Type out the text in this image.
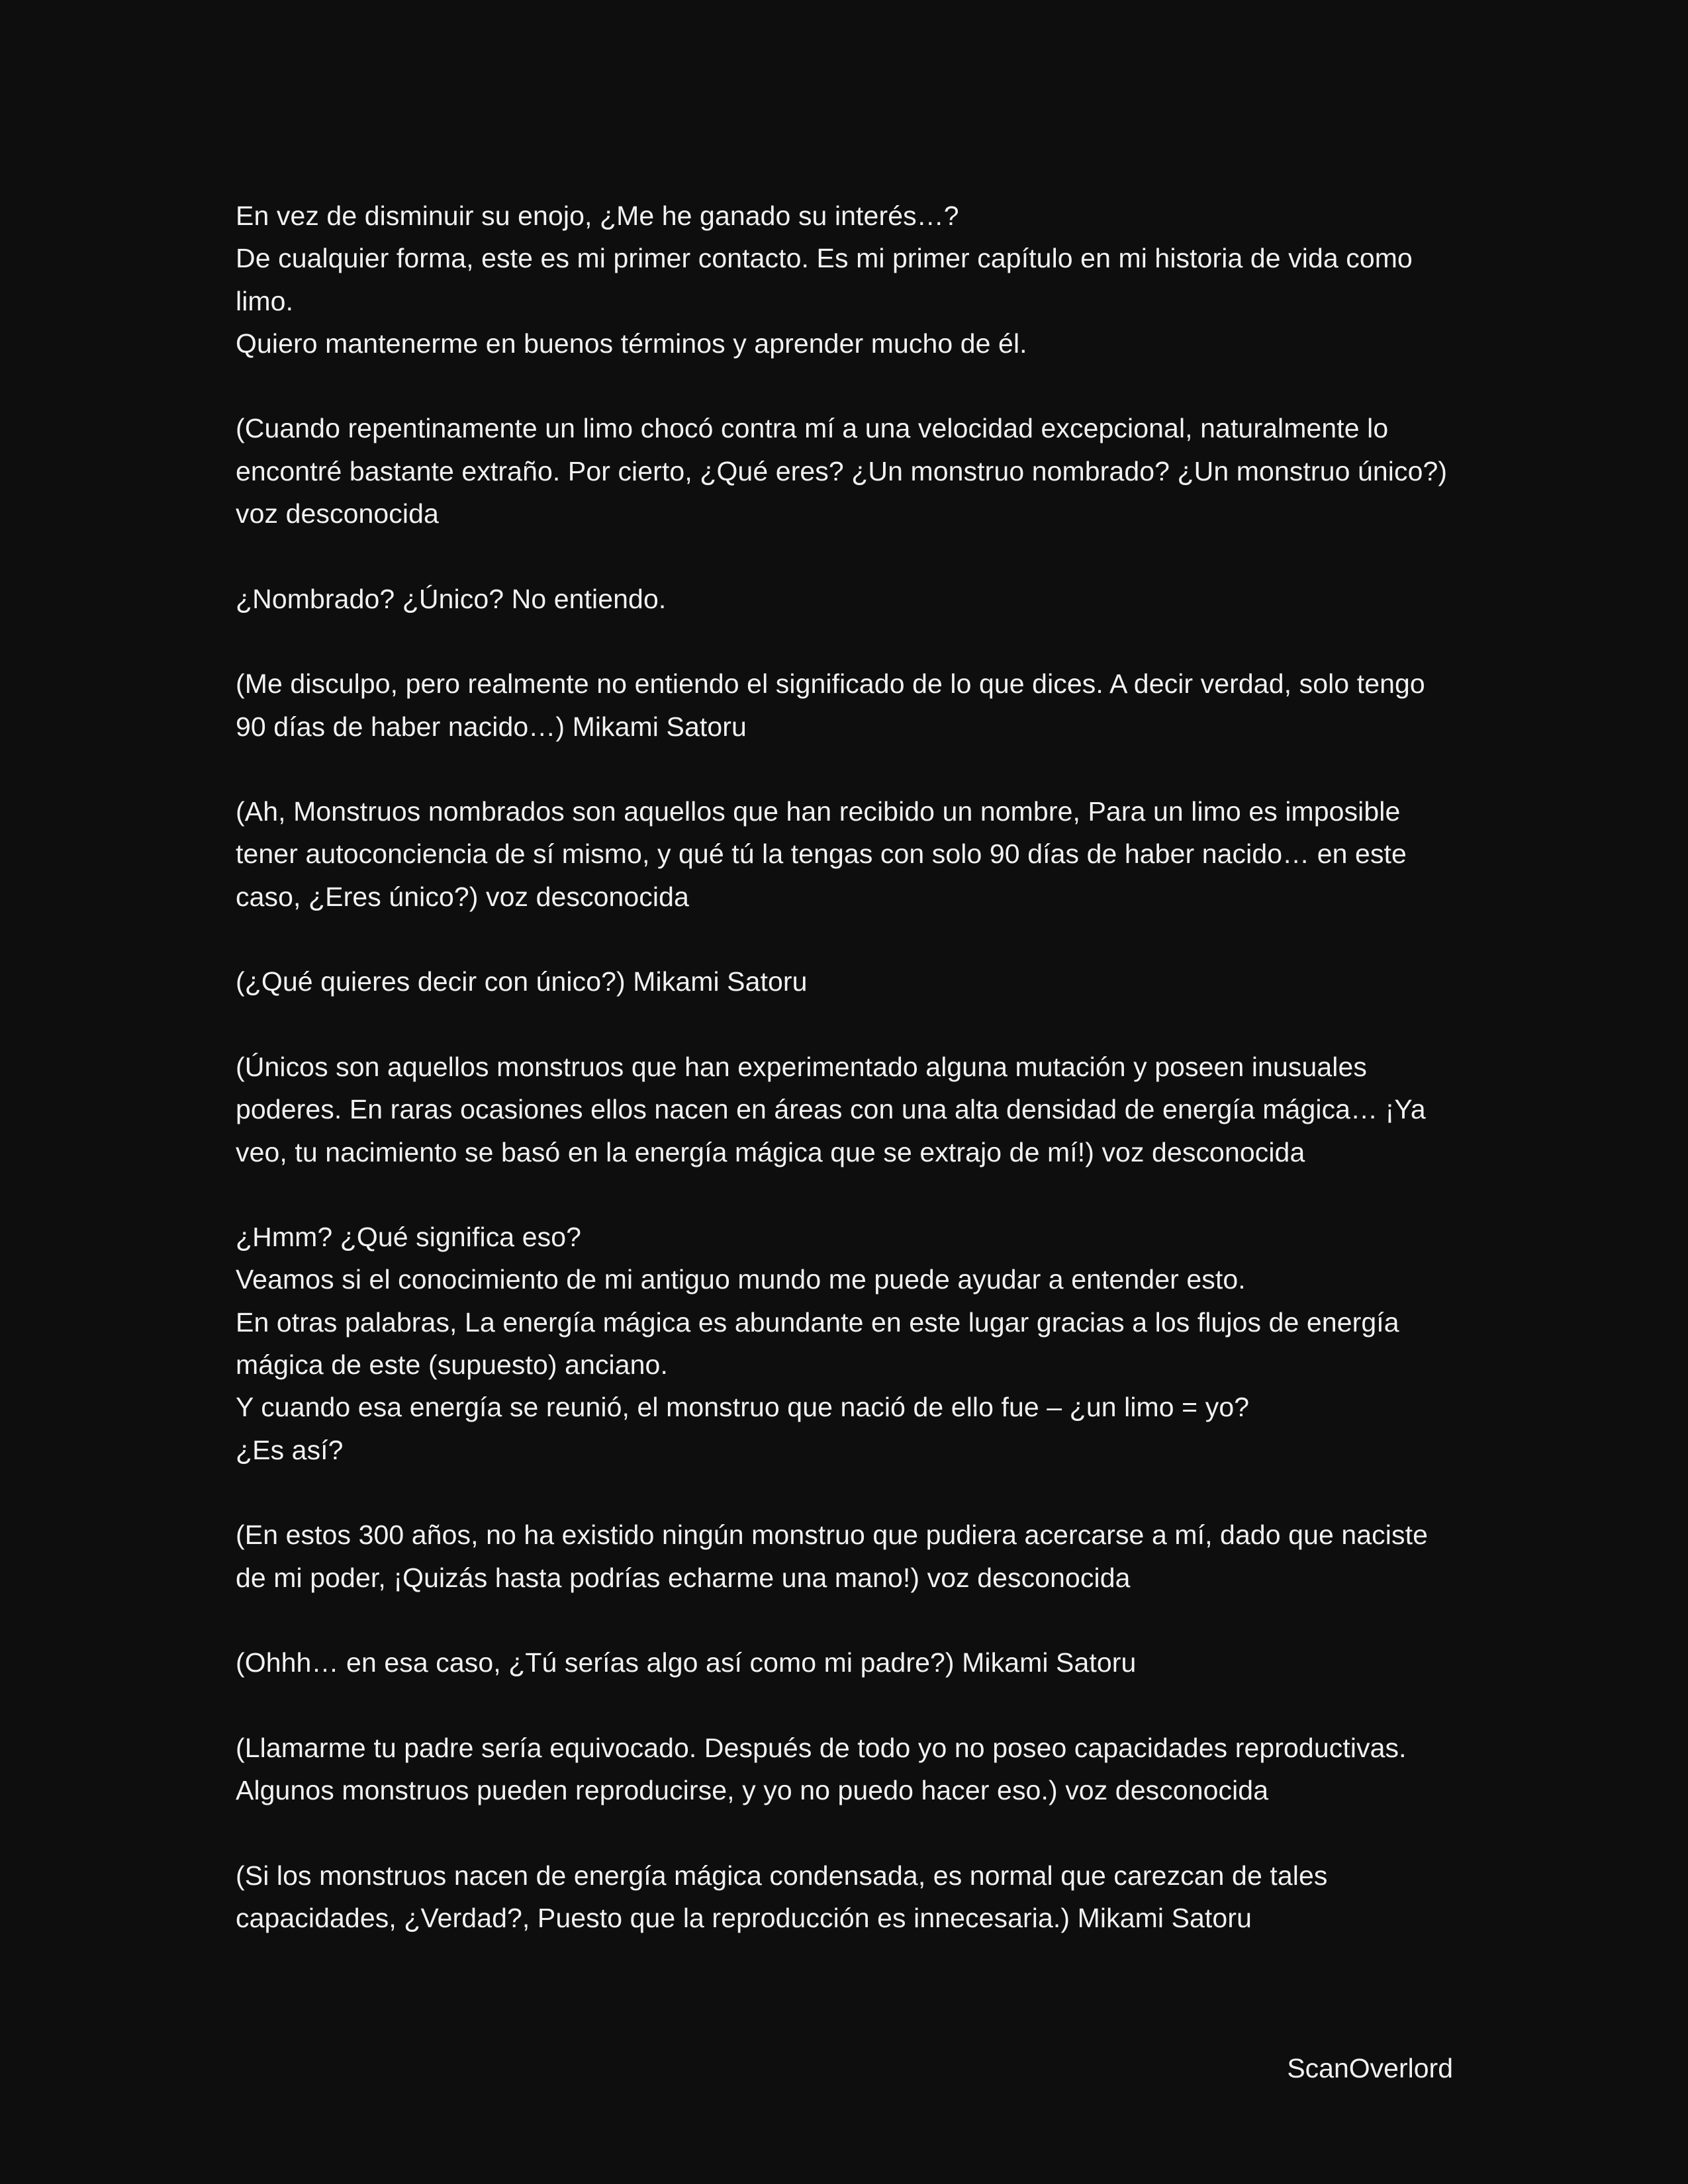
En vez de disminuir su enojo, ¿Me he ganado su interés…?
De cualquier forma, este es mi primer contacto. Es mi primer capítulo en mi historia de vida como limo.
Quiero mantenerme en buenos términos y aprender mucho de él.

(Cuando repentinamente un limo chocó contra mí a una velocidad excepcional, naturalmente lo encontré bastante extraño. Por cierto, ¿Qué eres? ¿Un monstruo nombrado? ¿Un monstruo único?) voz desconocida

¿Nombrado? ¿Único? No entiendo.

(Me disculpo, pero realmente no entiendo el significado de lo que dices. A decir verdad, solo tengo 90 días de haber nacido…) Mikami Satoru

(Ah, Monstruos nombrados son aquellos que han recibido un nombre, Para un limo es imposible tener autoconciencia de sí mismo, y qué tú la tengas con solo 90 días de haber nacido… en este caso, ¿Eres único?) voz desconocida

(¿Qué quieres decir con único?) Mikami Satoru

(Únicos son aquellos monstruos que han experimentado alguna mutación y poseen inusuales poderes. En raras ocasiones ellos nacen en áreas con una alta densidad de energía mágica… ¡Ya veo, tu nacimiento se basó en la energía mágica que se extrajo de mí!) voz desconocida

¿Hmm? ¿Qué significa eso?
Veamos si el conocimiento de mi antiguo mundo me puede ayudar a entender esto.
En otras palabras, La energía mágica es abundante en este lugar gracias a los flujos de energía mágica de este (supuesto) anciano.
Y cuando esa energía se reunió, el monstruo que nació de ello fue – ¿un limo = yo?
¿Es así?

(En estos 300 años, no ha existido ningún monstruo que pudiera acercarse a mí, dado que naciste de mi poder, ¡Quizás hasta podrías echarme una mano!) voz desconocida

(Ohhh… en esa caso, ¿Tú serías algo así como mi padre?) Mikami Satoru

(Llamarme tu padre sería equivocado. Después de todo yo no poseo capacidades reproductivas. Algunos monstruos pueden reproducirse, y yo no puedo hacer eso.) voz desconocida

(Si los monstruos nacen de energía mágica condensada, es normal que carezcan de tales capacidades, ¿Verdad?, Puesto que la reproducción es innecesaria.) Mikami Satoru

ScanOverlord
